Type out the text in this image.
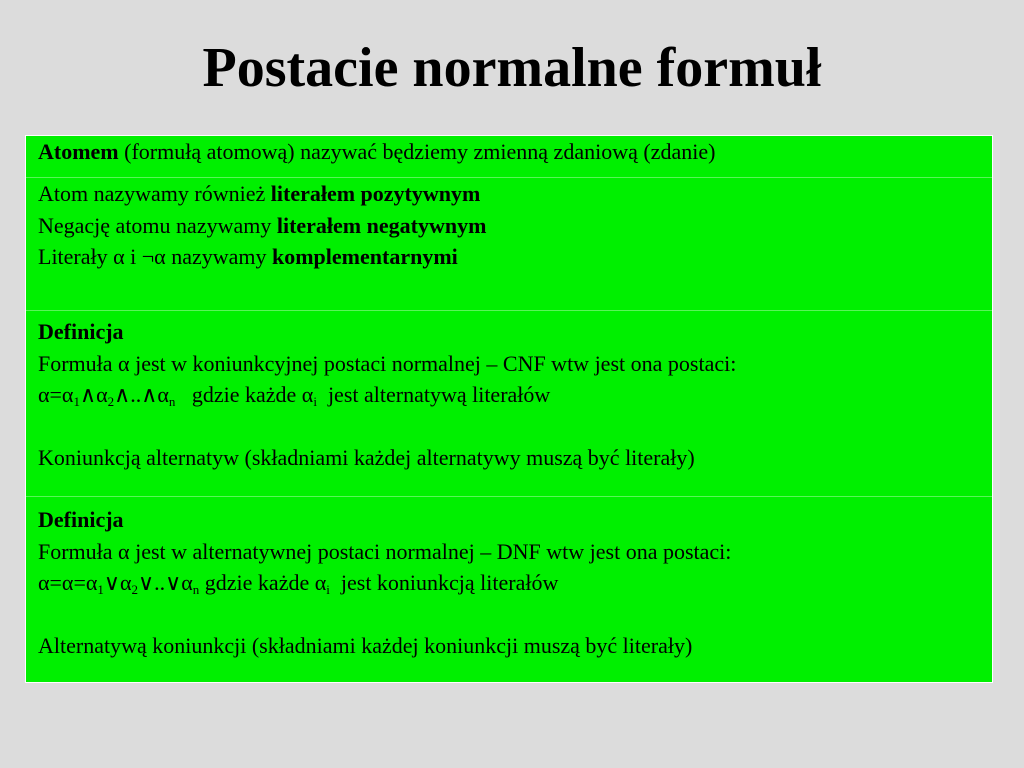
Postacie normalne formuł
Atomem (formułą atomową) nazywać będziemy zmienną zdaniową (zdanie)
Atom nazywamy również literałem pozytywnym
Negację atomu nazywamy literałem negatywnym
Literały α i ¬α nazywamy komplementarnymi
Definicja
Formuła α jest w koniunkcyjnej postaci normalnej – CNF wtw jest ona postaci:
$\alpha=\alpha_1\wedge\alpha_2\wedge..\wedge\alpha_n$   gdzie każde $\alpha_i$  jest alternatywą literałów
Koniunkcją alternatyw (składniami każdej alternatywy muszą być literały)
Definicja
Formuła α jest w alternatywnej postaci normalnej – DNF wtw jest ona postaci:
$\alpha=\alpha=\alpha_1\vee\alpha_2\vee..\vee\alpha_n$ gdzie każde $\alpha_i$  jest koniunkcją literałów
Alternatywą koniunkcji (składniami każdej koniunkcji muszą być literały)
